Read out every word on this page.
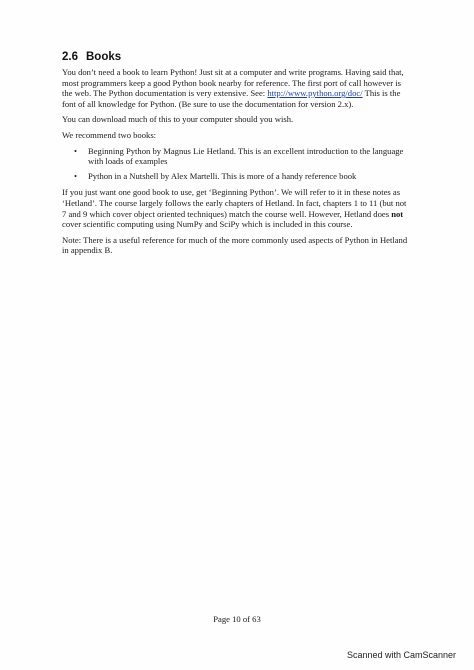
2.6 Books

You don’t need a book to learn Python! Just sit at a computer and write programs. Having said that, most programmers keep a good Python book nearby for reference. The first port of call however is the web. The Python documentation is very extensive. See: http://www.python.org/doc/ This is the font of all knowledge for Python. (Be sure to use the documentation for version 2.x).

You can download much of this to your computer should you wish.

We recommend two books:

• Beginning Python by Magnus Lie Hetland. This is an excellent introduction to the language with loads of examples
• Python in a Nutshell by Alex Martelli. This is more of a handy reference book

If you just want one good book to use, get ‘Beginning Python’. We will refer to it in these notes as ‘Hetland’. The course largely follows the early chapters of Hetland. In fact, chapters 1 to 11 (but not 7 and 9 which cover object oriented techniques) match the course well. However, Hetland does not cover scientific computing using NumPy and SciPy which is included in this course.

Note: There is a useful reference for much of the more commonly used aspects of Python in Hetland in appendix B.

Page 10 of 63
Scanned with CamScanner
